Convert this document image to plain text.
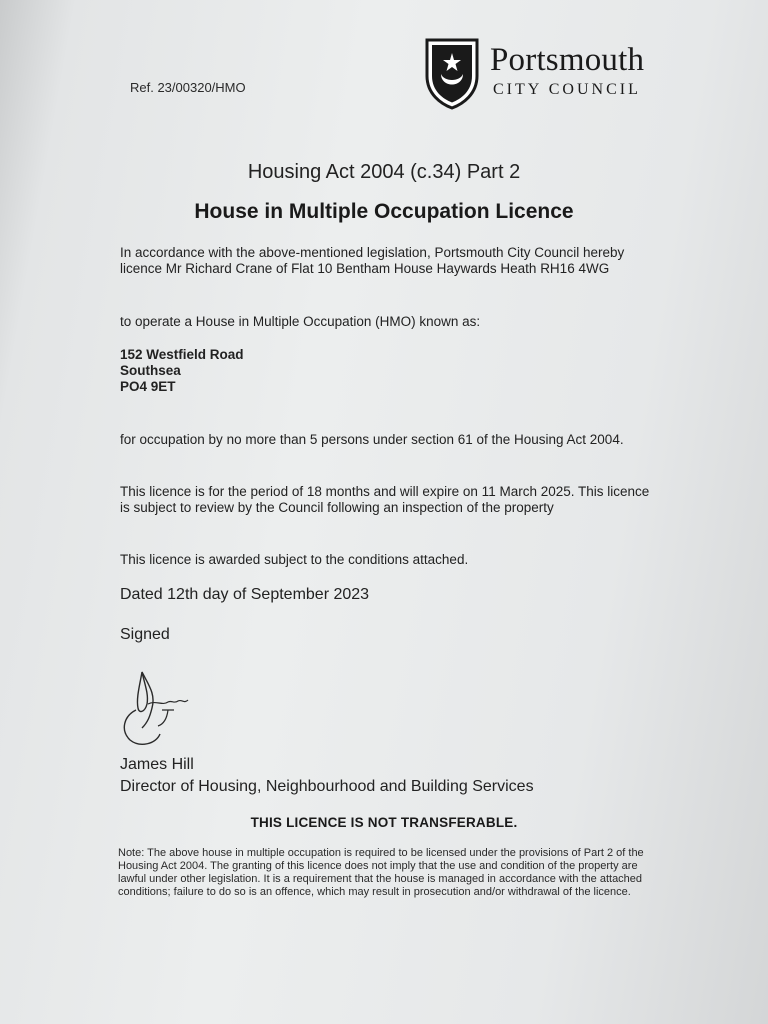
Ref. 23/00320/HMO
Portsmouth
CITY COUNCIL
Housing Act 2004 (c.34) Part 2
House in Multiple Occupation Licence
In accordance with the above-mentioned legislation, Portsmouth City Council hereby licence Mr Richard Crane of Flat 10 Bentham House Haywards Heath RH16 4WG
to operate a House in Multiple Occupation (HMO) known as:
152 Westfield Road
Southsea
PO4 9ET
for occupation by no more than 5 persons under section 61 of the Housing Act 2004.
This licence is for the period of 18 months and will expire on 11 March 2025. This licence is subject to review by the Council following an inspection of the property
This licence is awarded subject to the conditions attached.
Dated 12th day of September 2023
Signed
James Hill
Director of Housing, Neighbourhood and Building Services
THIS LICENCE IS NOT TRANSFERABLE.
Note: The above house in multiple occupation is required to be licensed under the provisions of Part 2 of the Housing Act 2004. The granting of this licence does not imply that the use and condition of the property are lawful under other legislation. It is a requirement that the house is managed in accordance with the attached conditions; failure to do so is an offence, which may result in prosecution and/or withdrawal of the licence.
